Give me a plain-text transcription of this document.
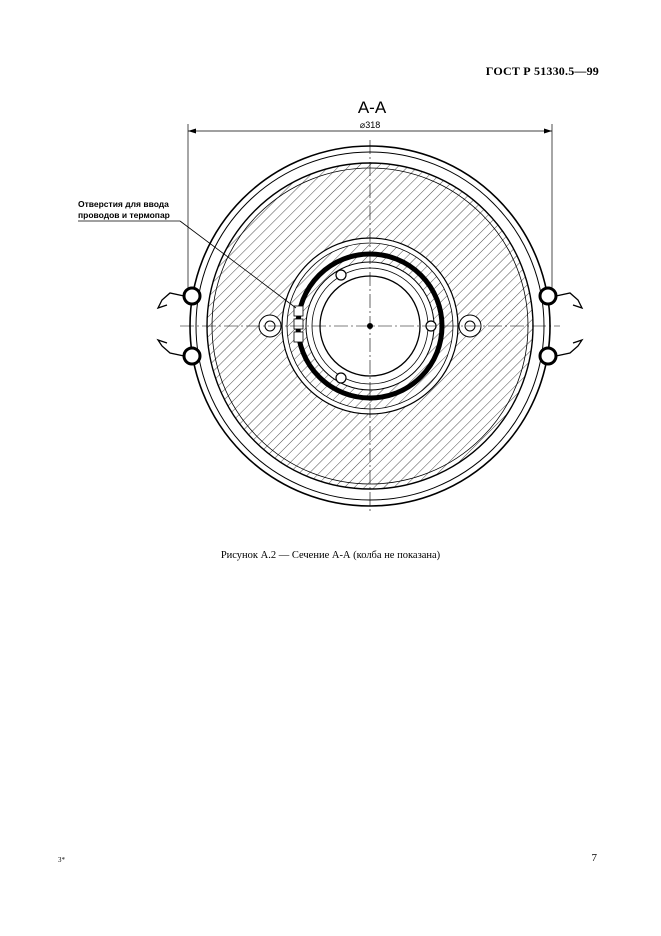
ГОСТ Р 51330.5—99
А-А
⌀318
Отверстия для ввода
проводов и термопар
Рисунок А.2 — Сечение А-А (колба не показана)
3*	7
